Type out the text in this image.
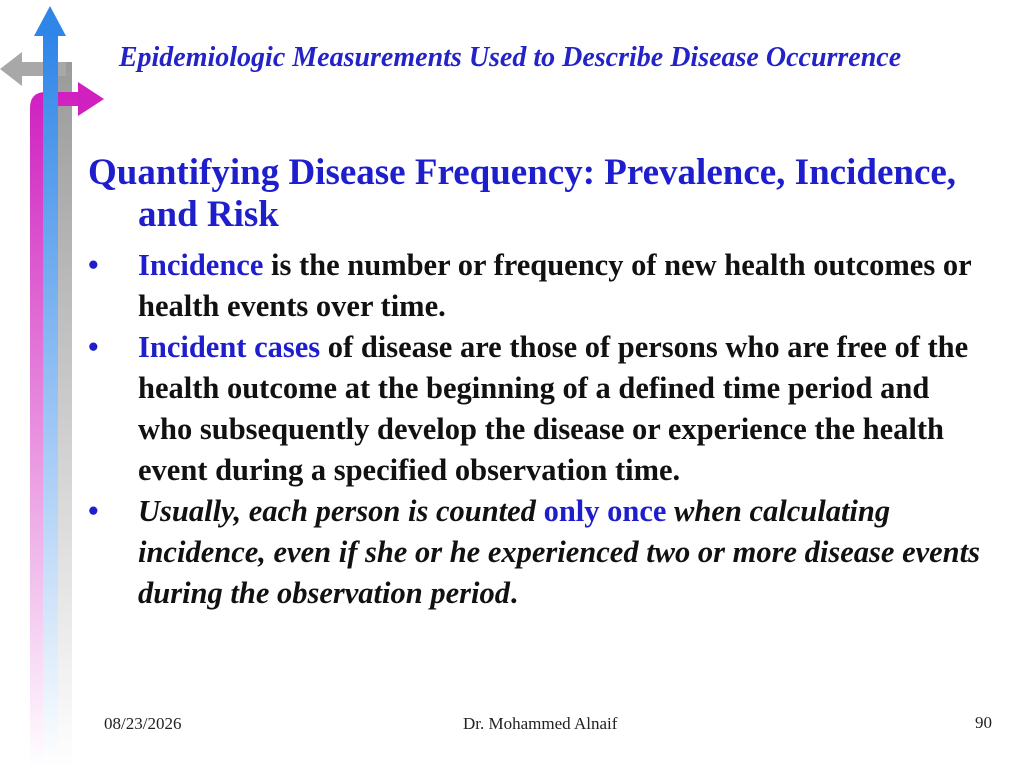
Epidemiologic Measurements Used to Describe Disease Occurrence
Quantifying Disease Frequency: Prevalence, Incidence, and Risk
• Incidence is the number or frequency of new health outcomes or health events over time.
• Incident cases of disease are those of persons who are free of the health outcome at the beginning of a defined time period and who subsequently develop the disease or experience the health event during a specified observation time.
• Usually, each person is counted only once when calculating incidence, even if she or he experienced two or more disease events during the observation period.
08/23/2026	Dr. Mohammed Alnaif	90
